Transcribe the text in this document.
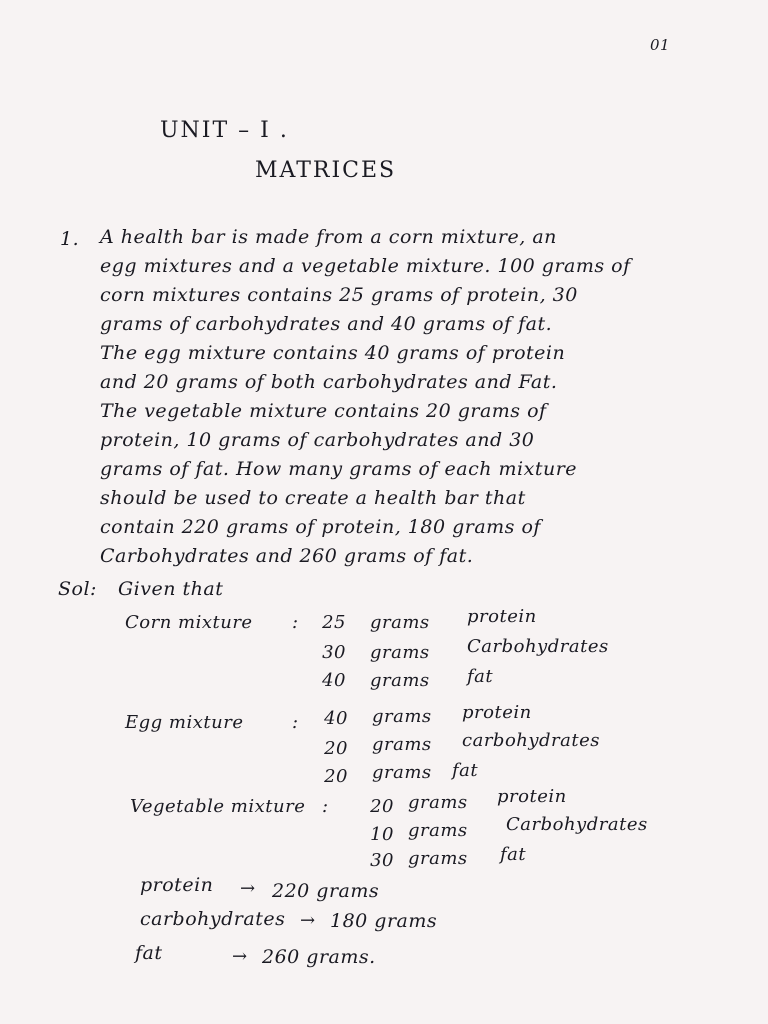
01
UNIT – I .
MATRICES
1. A health bar is made from a corn mixture, an
egg mixtures and a vegetable mixture. 100 grams of
corn mixtures contains 25 grams of protein, 30
grams of carbohydrates and 40 grams of fat.
The egg mixture contains 40 grams of protein
and 20 grams of both carbohydrates and Fat.
The vegetable mixture contains 20 grams of
protein, 10 grams of carbohydrates and 30
grams of fat. How many grams of each mixture
should be used to create a health bar that
contain 220 grams of protein, 180 grams of
Carbohydrates and 260 grams of fat.
Sol: Given that
Corn mixture :	25 grams protein
30 grams Carbohydrates
40 grams fat
Egg mixture	:	40 grams protein
20 grams carbohydrates
20 grams fat
Vegetable mixture :	20 grams protein
10 grams Carbohydrates
30 grams fat
protein → 220 grams
carbohydrates → 180 grams
fat	→ 260 grams.
